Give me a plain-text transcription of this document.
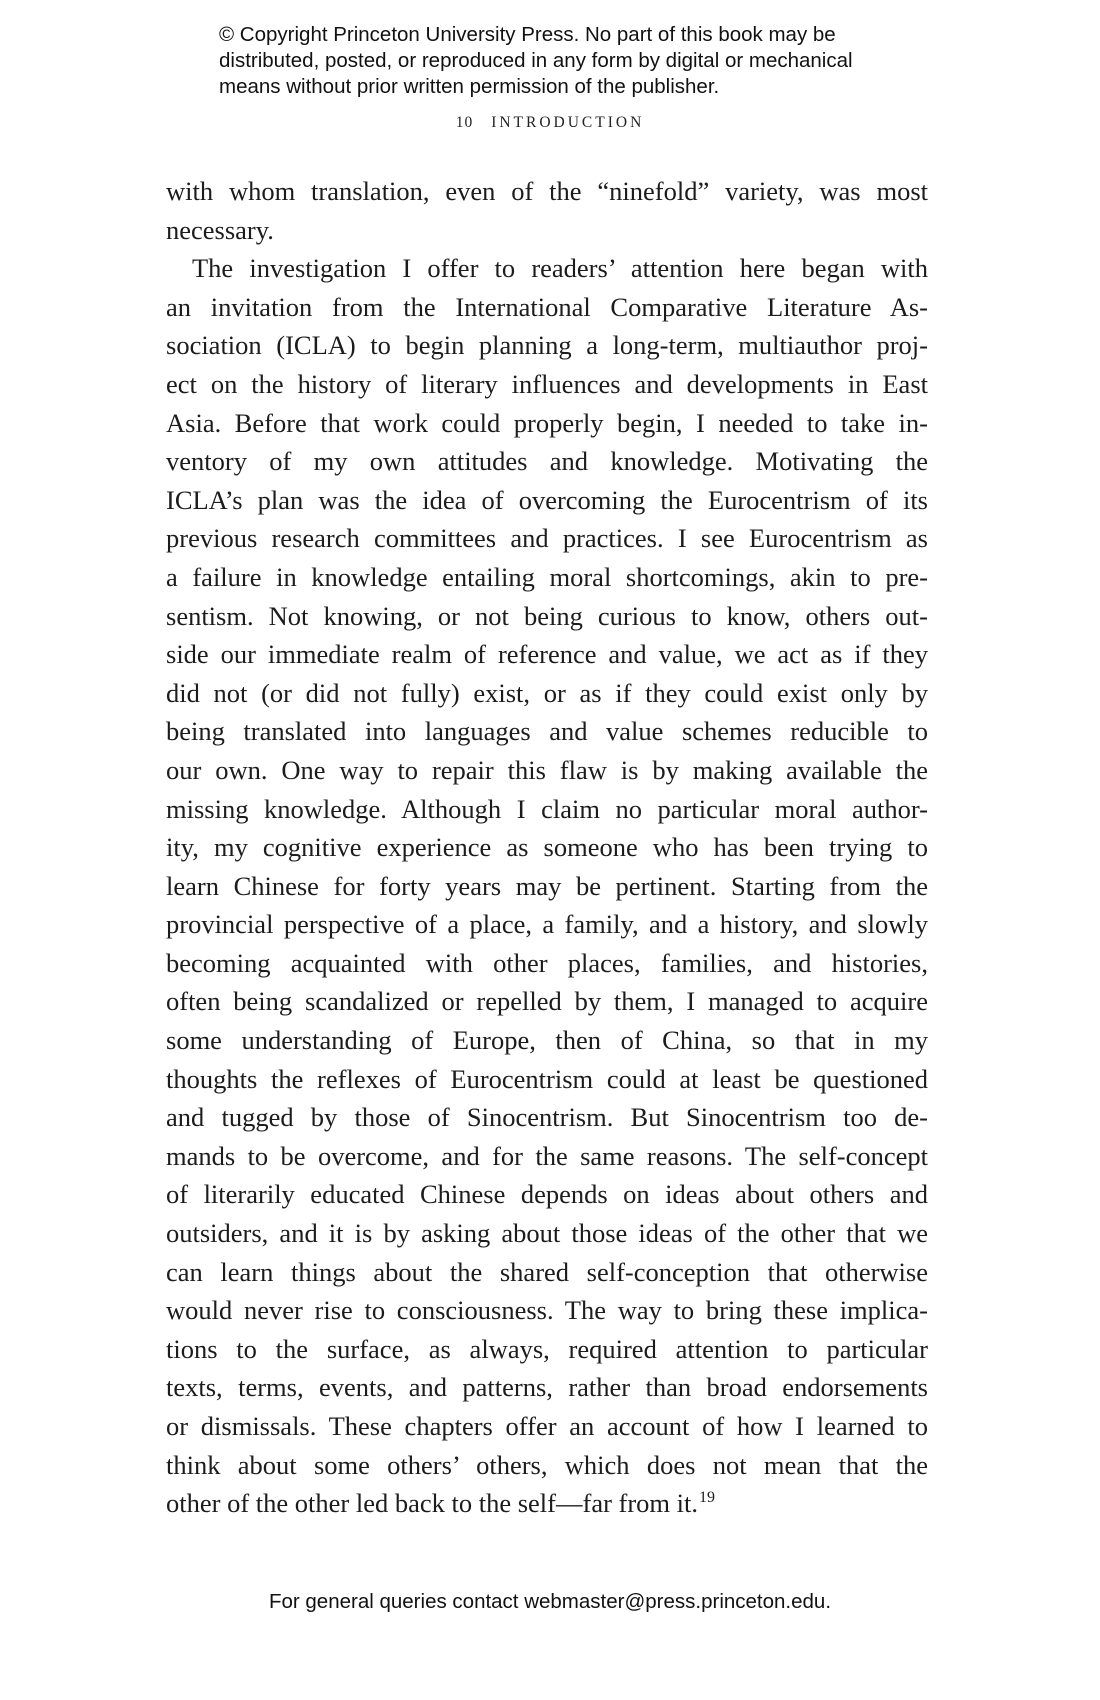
© Copyright Princeton University Press. No part of this book may be
distributed, posted, or reproduced in any form by digital or mechanical
means without prior written permission of the publisher.
10 INTRODUCTION
with whom translation, even of the “ninefold” variety, was most
necessary.
The investigation I offer to readers’ attention here began with
an invitation from the International Comparative Literature As-
sociation (ICLA) to begin planning a long-term, multiauthor proj-
ect on the history of literary influences and developments in East
Asia. Before that work could properly begin, I needed to take in-
ventory of my own attitudes and knowledge. Motivating the
ICLA’s plan was the idea of overcoming the Eurocentrism of its
previous research committees and practices. I see Eurocentrism as
a failure in knowledge entailing moral shortcomings, akin to pre-
sentism. Not knowing, or not being curious to know, others out-
side our immediate realm of reference and value, we act as if they
did not (or did not fully) exist, or as if they could exist only by
being translated into languages and value schemes reducible to
our own. One way to repair this flaw is by making available the
missing knowledge. Although I claim no particular moral author-
ity, my cognitive experience as someone who has been trying to
learn Chinese for forty years may be pertinent. Starting from the
provincial perspective of a place, a family, and a history, and slowly
becoming acquainted with other places, families, and histories,
often being scandalized or repelled by them, I managed to acquire
some understanding of Europe, then of China, so that in my
thoughts the reflexes of Eurocentrism could at least be questioned
and tugged by those of Sinocentrism. But Sinocentrism too de-
mands to be overcome, and for the same reasons. The self-concept
of literarily educated Chinese depends on ideas about others and
outsiders, and it is by asking about those ideas of the other that we
can learn things about the shared self-conception that otherwise
would never rise to consciousness. The way to bring these implica-
tions to the surface, as always, required attention to particular
texts, terms, events, and patterns, rather than broad endorsements
or dismissals. These chapters offer an account of how I learned to
think about some others’ others, which does not mean that the
other of the other led back to the self—far from it.$^{19}$
For general queries contact webmaster@press.princeton.edu.
